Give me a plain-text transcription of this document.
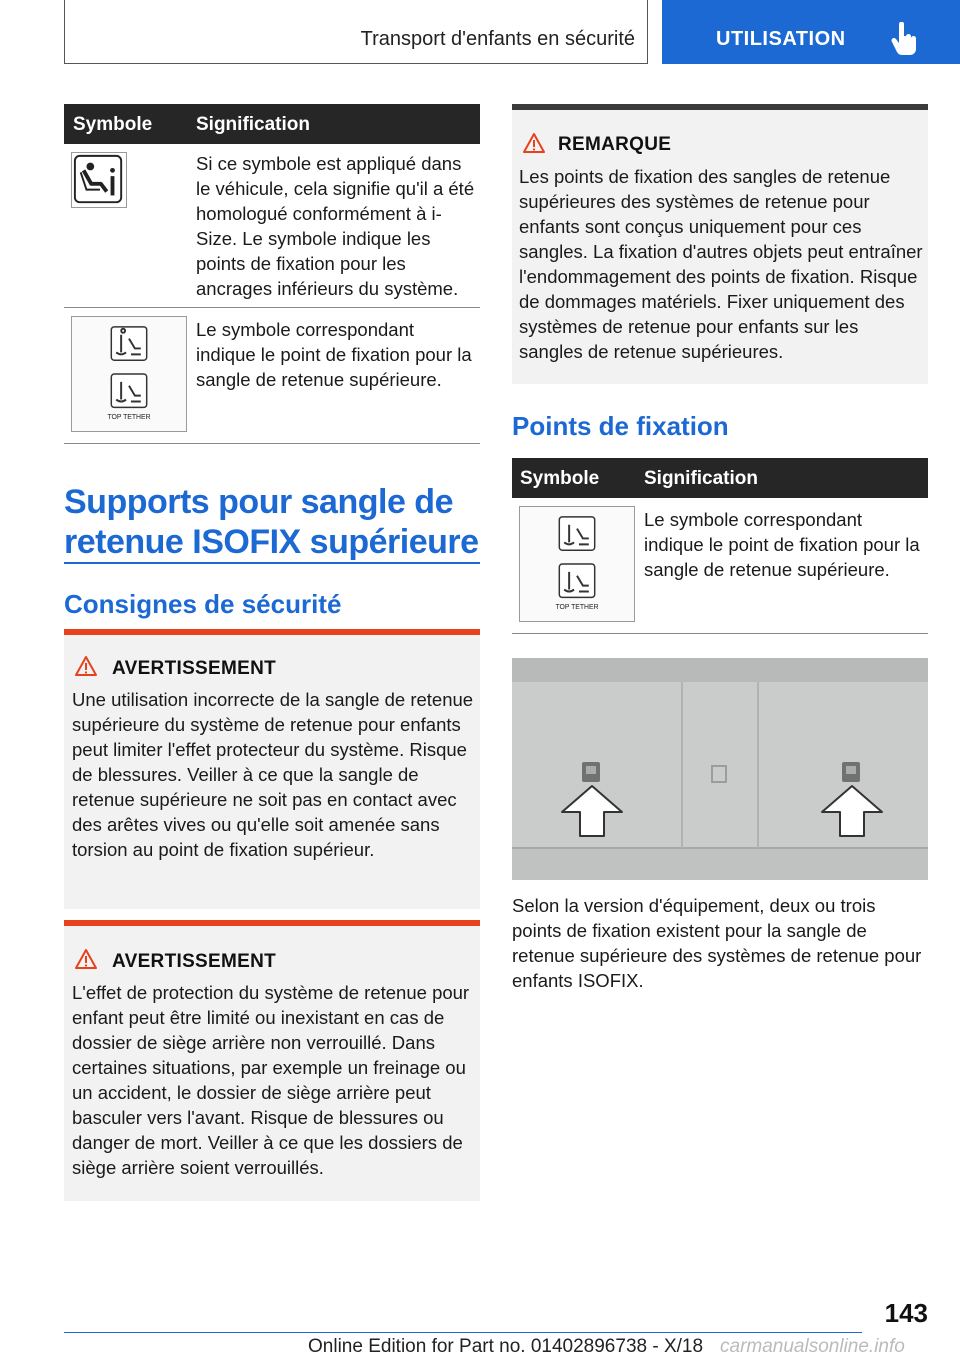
Transport d'enfants en sécurité	UTILISATION
Symbole Signification
Si ce symbole est appliqué dans le véhicule, cela signifie qu'il a été homologué conformément à i-Size. Le symbole indique les points de fixation pour les ancrages inférieurs du système.
TOP TETHER
Le symbole correspondant indique le point de fixation pour la sangle de retenue supérieure.
Supports pour sangle de retenue ISOFIX supérieure
Consignes de sécurité
AVERTISSEMENT
Une utilisation incorrecte de la sangle de retenue supérieure du système de retenue pour enfants peut limiter l'effet protecteur du système. Risque de blessures. Veiller à ce que la sangle de retenue supérieure ne soit pas en contact avec des arêtes vives ou qu'elle soit amenée sans torsion au point de fixation supérieur.
AVERTISSEMENT
L'effet de protection du système de retenue pour enfant peut être limité ou inexistant en cas de dossier de siège arrière non verrouillé. Dans certaines situations, par exemple un freinage ou un accident, le dossier de siège arrière peut basculer vers l'avant. Risque de blessures ou danger de mort. Veiller à ce que les dossiers de siège arrière soient verrouillés.
REMARQUE
Les points de fixation des sangles de retenue supérieures des systèmes de retenue pour enfants sont conçus uniquement pour ces sangles. La fixation d'autres objets peut entraîner l'endommagement des points de fixation. Risque de dommages matériels. Fixer uniquement des systèmes de retenue pour enfants sur les sangles de retenue supérieures.
Points de fixation
Symbole Signification
TOP TETHER
Le symbole correspondant indique le point de fixation pour la sangle de retenue supérieure.
Selon la version d'équipement, deux ou trois points de fixation existent pour la sangle de retenue supérieure des systèmes de retenue pour enfants ISOFIX.
143
Online Edition for Part no. 01402896738 - X/18 carmanualsonline.info
